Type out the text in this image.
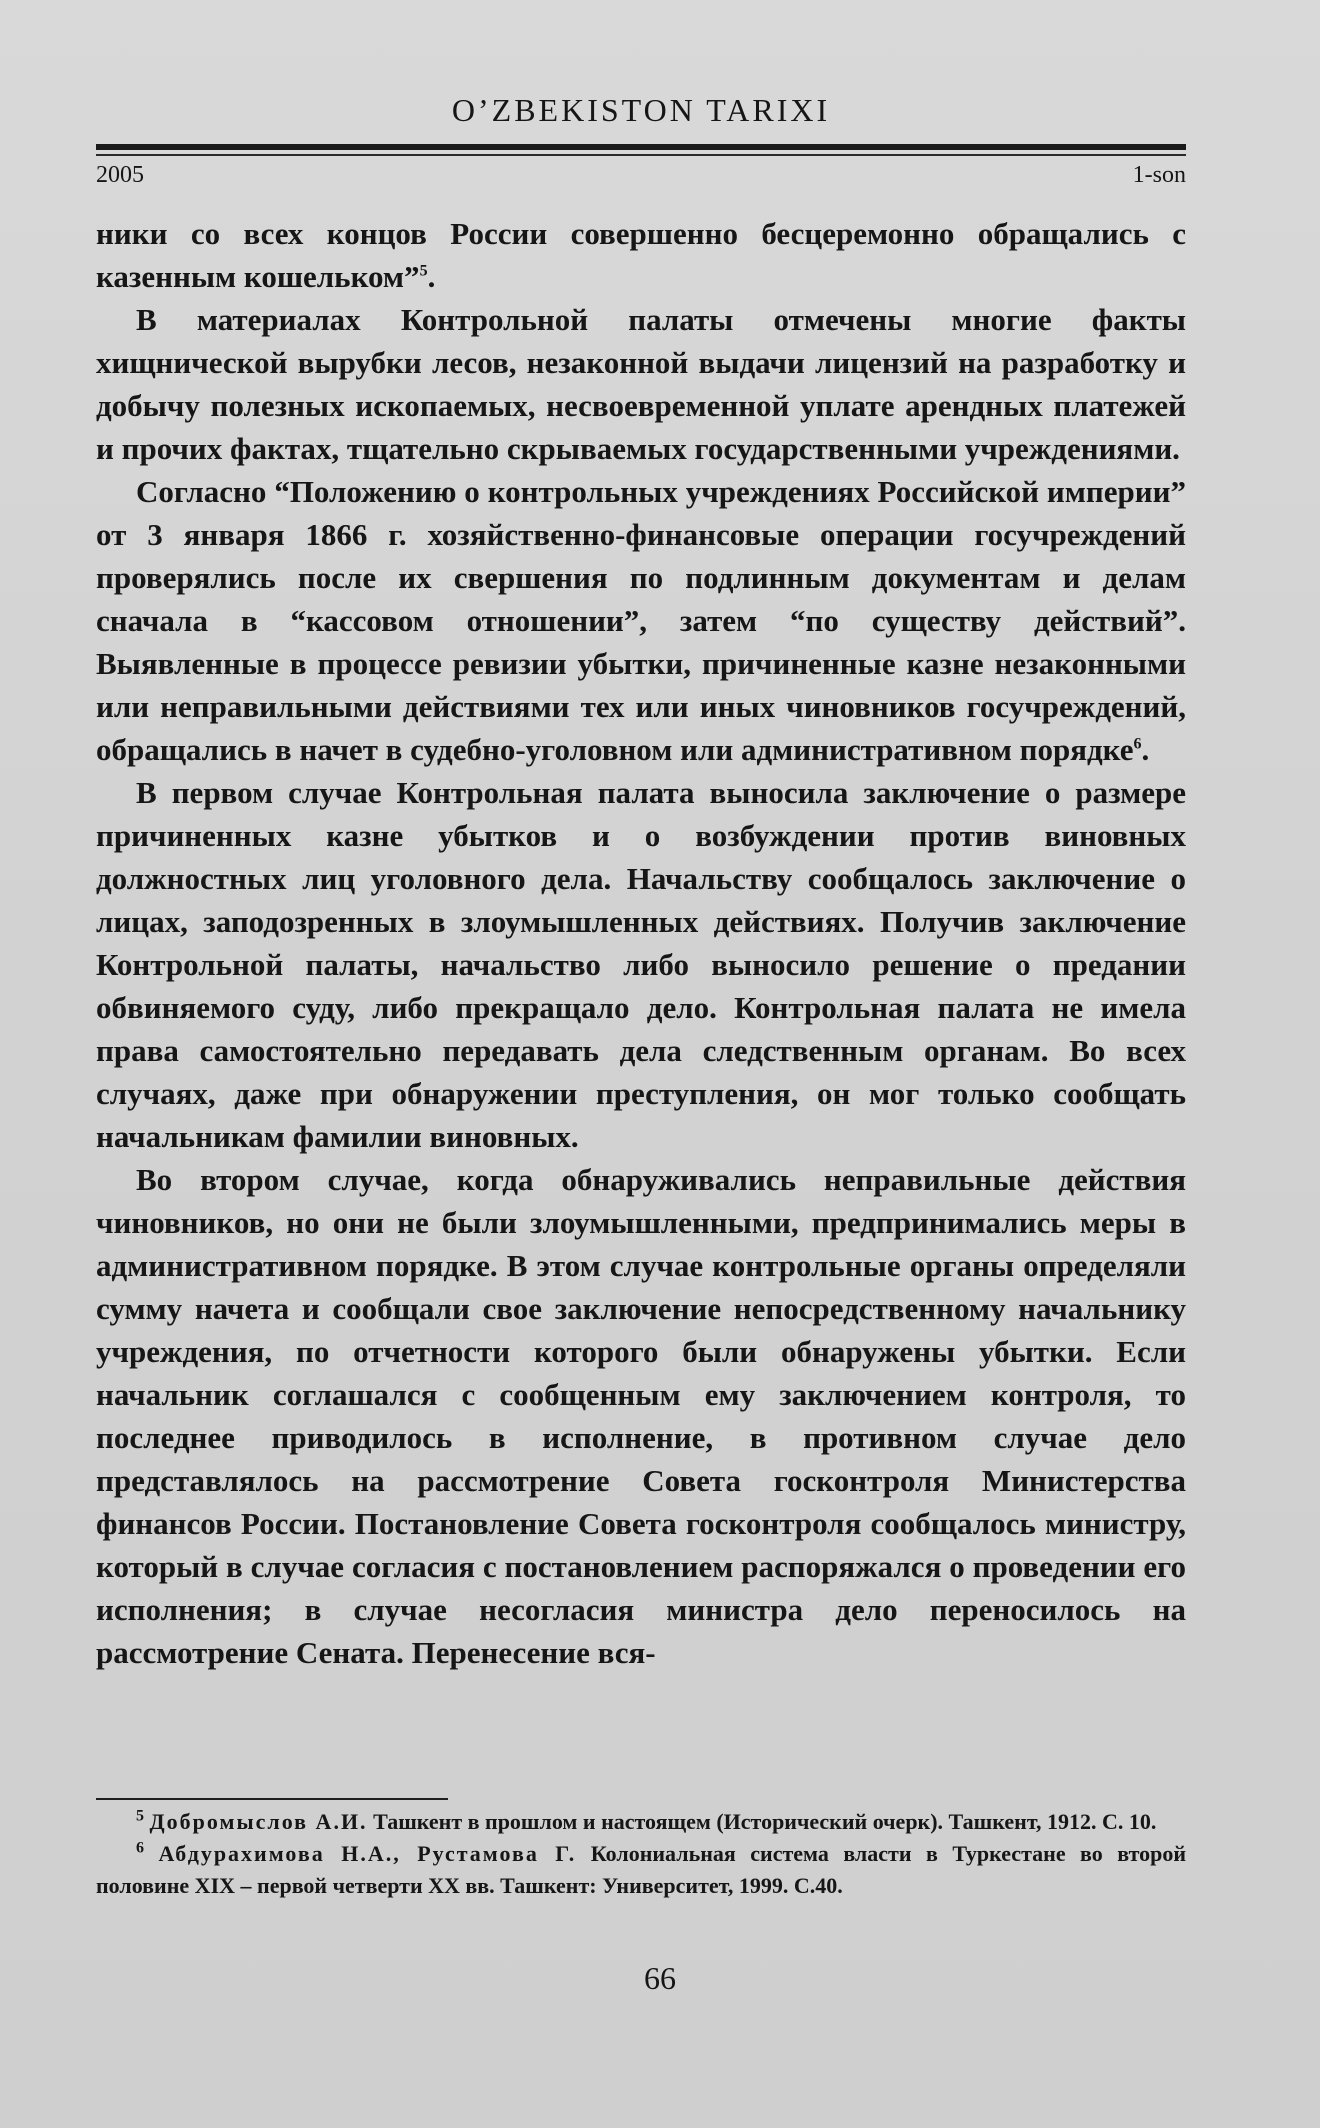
O’ZBEKISTON TARIXI
2005	1-son

ники со всех концов России совершенно бесцеремонно обращались с казенным кошельком”$^5$.

В материалах Контрольной палаты отмечены многие факты хищнической вырубки лесов, незаконной выдачи лицензий на разработку и добычу полезных ископаемых, несвоевременной уплате арендных платежей и прочих фактах, тщательно скрываемых государственными учреждениями.

Согласно “Положению о контрольных учреждениях Российской империи” от 3 января 1866 г. хозяйственно-финансовые операции госучреждений проверялись после их свершения по подлинным документам и делам сначала в “кассовом отношении”, затем “по существу действий”. Выявленные в процессе ревизии убытки, причиненные казне незаконными или неправильными действиями тех или иных чиновников госучреждений, обращались в начет в судебно-уголовном или административном порядке$^6$.

В первом случае Контрольная палата выносила заключение о размере причиненных казне убытков и о возбуждении против виновных должностных лиц уголовного дела. Начальству сообщалось заключение о лицах, заподозренных в злоумышленных действиях. Получив заключение Контрольной палаты, начальство либо выносило решение о предании обвиняемого суду, либо прекращало дело. Контрольная палата не имела права самостоятельно передавать дела следственным органам. Во всех случаях, даже при обнаружении преступления, он мог только сообщать начальникам фамилии виновных.

Во втором случае, когда обнаруживались неправильные действия чиновников, но они не были злоумышленными, предпринимались меры в административном порядке. В этом случае контрольные органы определяли сумму начета и сообщали свое заключение непосредственному начальнику учреждения, по отчетности которого были обнаружены убытки. Если начальник соглашался с сообщенным ему заключением контроля, то последнее приводилось в исполнение, в противном случае дело представлялось на рассмотрение Совета госконтроля Министерства финансов России. Постановление Совета госконтроля сообщалось министру, который в случае согласия с постановлением распоряжался о проведении его исполнения; в случае несогласия министра дело переносилось на рассмотрение Сената. Перенесение вся-

$^5$ Добромыслов А.И. Ташкент в прошлом и настоящем (Исторический очерк). Ташкент, 1912. С. 10.

$^6$ Абдурахимова Н.А., Рустамова Г. Колониальная система власти в Туркестане во второй половине XIX – первой четверти XX вв. Ташкент: Университет, 1999. С.40.

66
